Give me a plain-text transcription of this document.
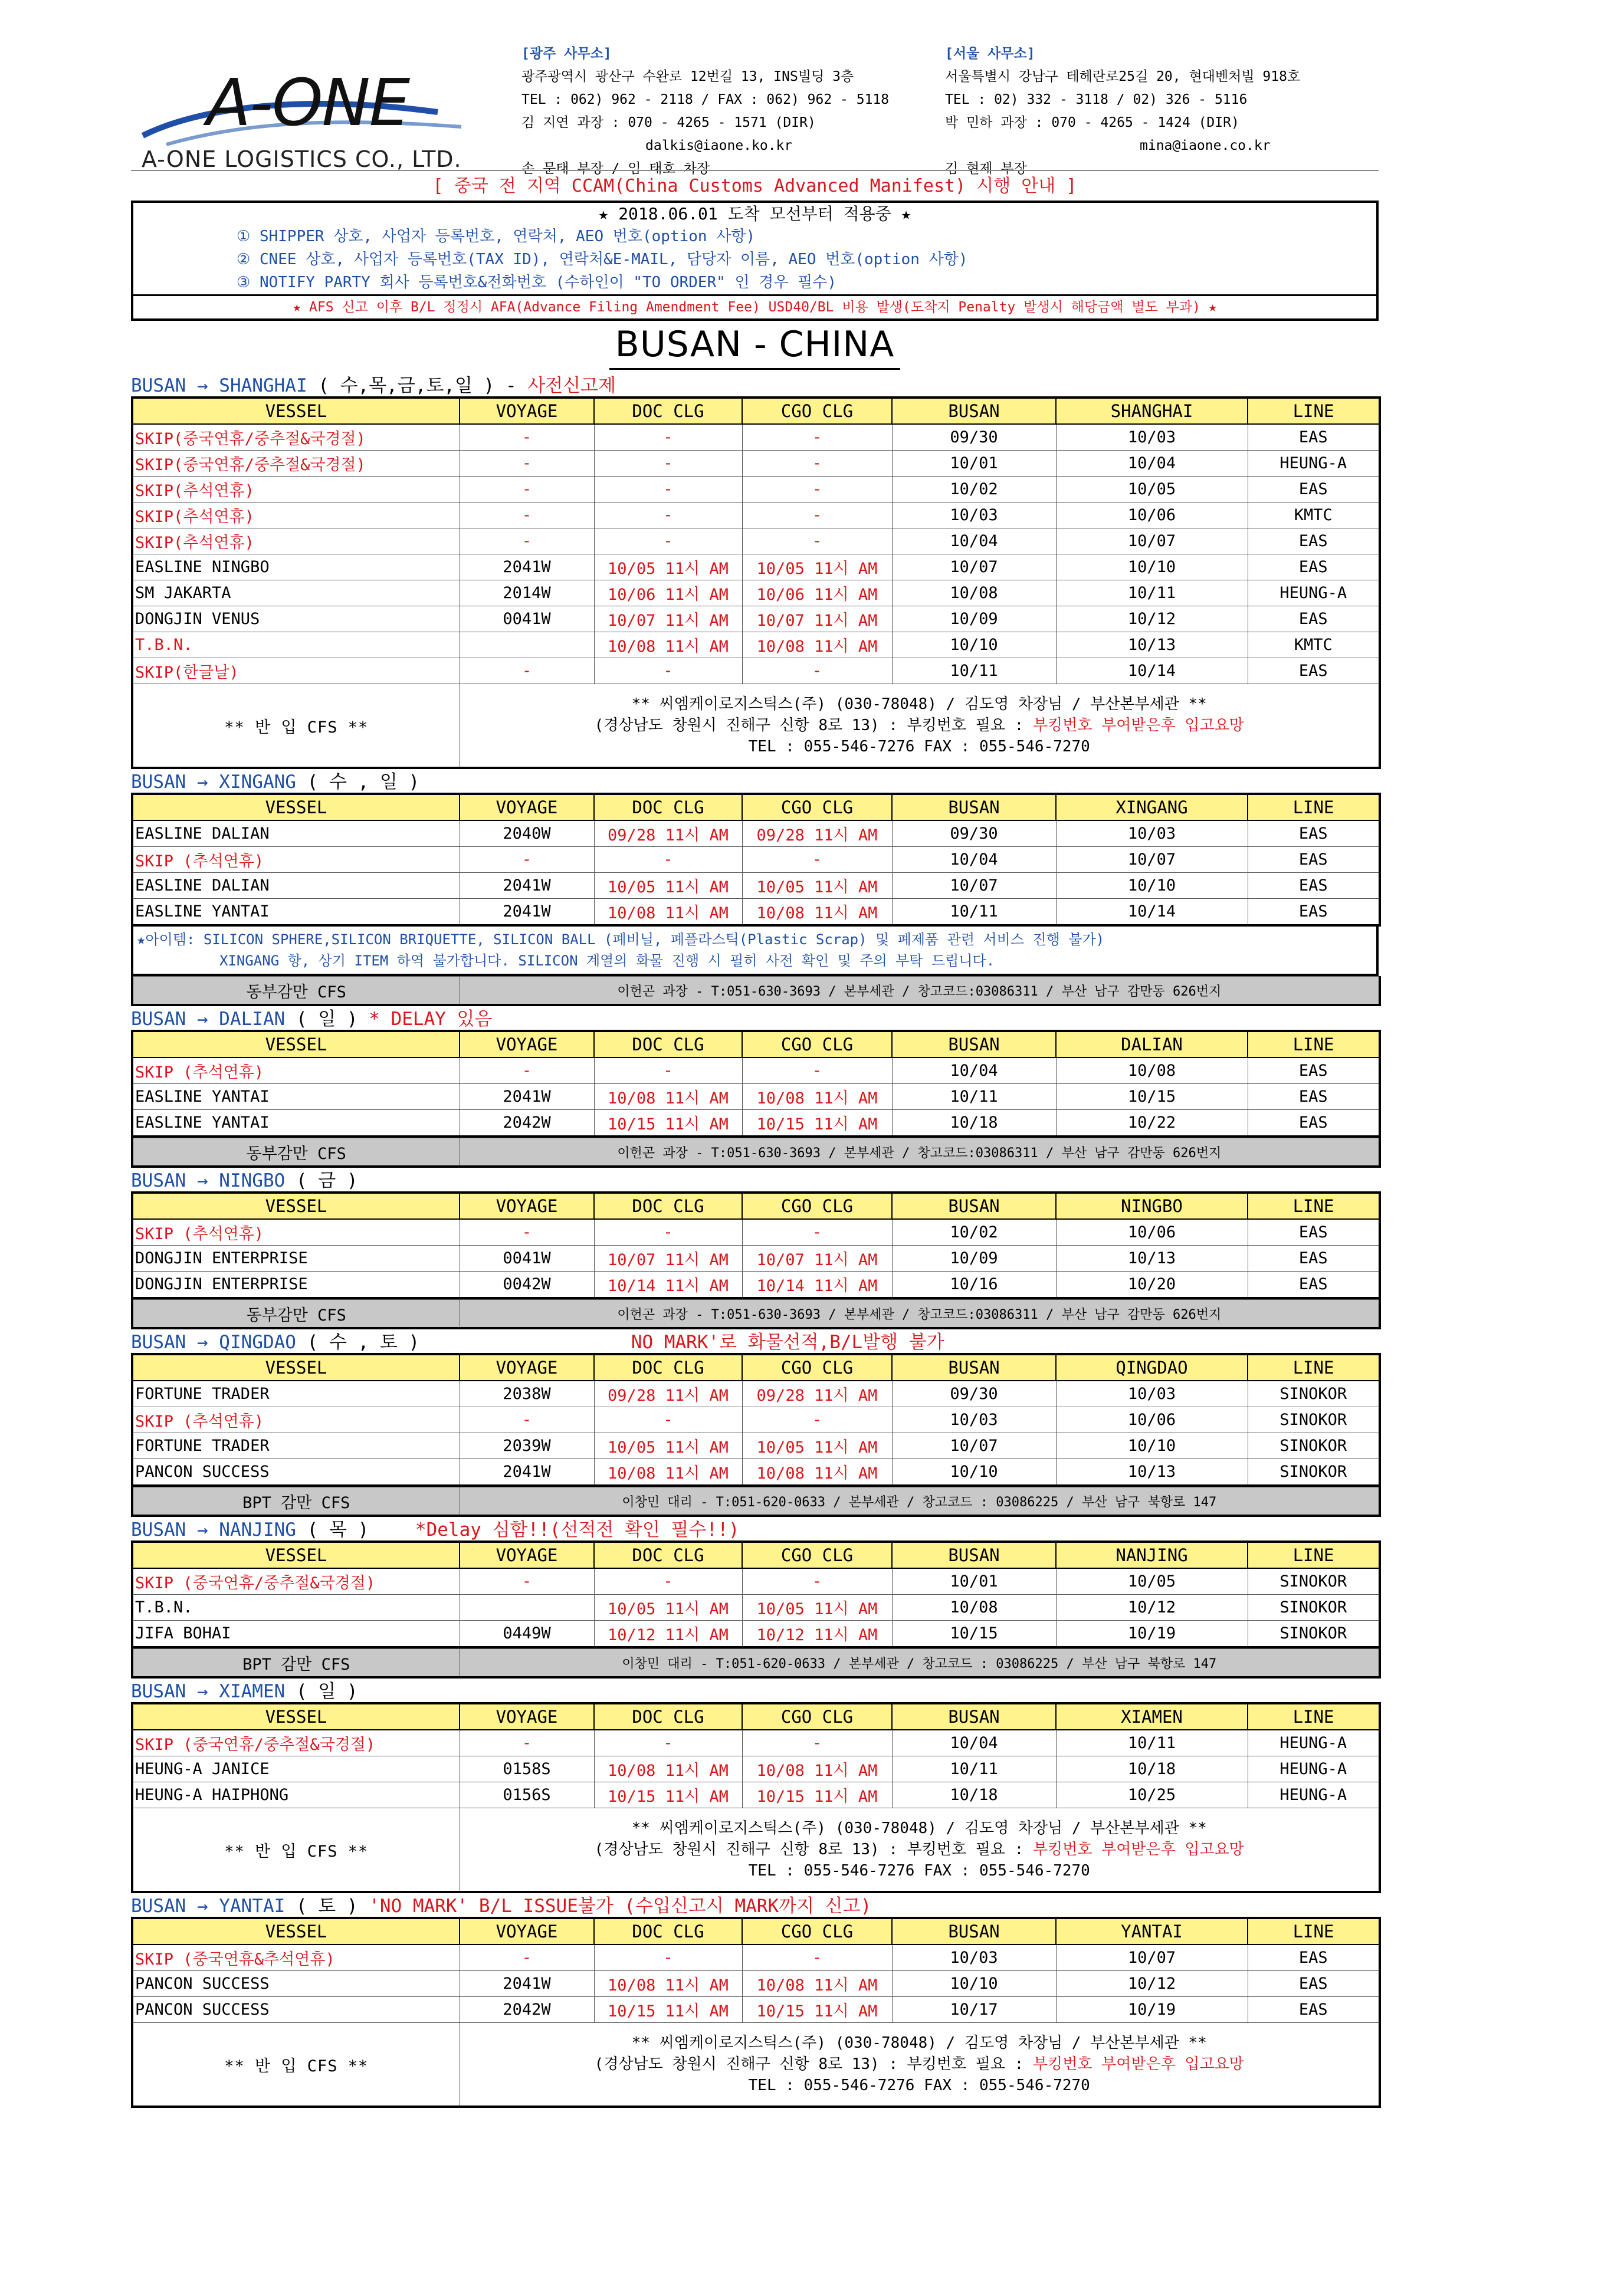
A-ONE
A-ONE LOGISTICS CO., LTD.
[광주 사무소]
광주광역시 광산구 수완로 12번길 13, INS빌딩 3층
TEL : 062) 962 - 2118 / FAX : 062) 962 - 5118
김 지연 과장 : 070 - 4265 - 1571 (DIR)
dalkis@iaone.ko.kr
손 문태 부장 / 임 태호 차장
[서울 사무소]
서울특별시 강남구 테헤란로25길 20, 현대벤처빌 918호
TEL : 02) 332 - 3118 / 02) 326 - 5116
박 민하 과장 : 070 - 4265 - 1424 (DIR)
mina@iaone.co.kr
김 현제 부장
[ 중국 전 지역 CCAM(China Customs Advanced Manifest) 시행 안내 ]
★ 2018.06.01 도착 모선부터 적용중 ★
① SHIPPER 상호, 사업자 등록번호, 연락처, AEO 번호(option 사항)
② CNEE 상호, 사업자 등록번호(TAX ID), 연락처&E-MAIL, 담당자 이름, AEO 번호(option 사항)
③ NOTIFY PARTY 회사 등록번호&전화번호 (수하인이 "TO ORDER" 인 경우 필수)
★ AFS 신고 이후 B/L 정정시 AFA(Advance Filing Amendment Fee) USD40/BL 비용 발생(도착지 Penalty 발생시 해당금액 별도 부과) ★
BUSAN - CHINA
BUSAN → SHANGHAI ( 수,목,금,토,일 ) - 사전신고제
VESSEL	VOYAGE	DOC CLG	CGO CLG	BUSAN	SHANGHAI	LINE
SKIP(중국연휴/중추절&국경절)	-	-	-	09/30	10/03	EAS
SKIP(중국연휴/중추절&국경절)	-	-	-	10/01	10/04	HEUNG-A
SKIP(추석연휴)	-	-	-	10/02	10/05	EAS
SKIP(추석연휴)	-	-	-	10/03	10/06	KMTC
SKIP(추석연휴)	-	-	-	10/04	10/07	EAS
EASLINE NINGBO	2041W	10/05 11시 AM	10/05 11시 AM	10/07	10/10	EAS
SM JAKARTA	2014W	10/06 11시 AM	10/06 11시 AM	10/08	10/11	HEUNG-A
DONGJIN VENUS	0041W	10/07 11시 AM	10/07 11시 AM	10/09	10/12	EAS
T.B.N.		10/08 11시 AM	10/08 11시 AM	10/10	10/13	KMTC
SKIP(한글날)	-	-	-	10/11	10/14	EAS
** 반 입 CFS **	** 씨엠케이로지스틱스(주) (030-78048) / 김도영 차장님 / 부산본부세관 **
(경상남도 창원시 진해구 신항 8로 13) : 부킹번호 필요 : 부킹번호 부여받은후 입고요망
TEL : 055-546-7276 FAX : 055-546-7270					
BUSAN → XINGANG ( 수 , 일 )
VESSEL	VOYAGE	DOC CLG	CGO CLG	BUSAN	XINGANG	LINE
EASLINE DALIAN	2040W	09/28 11시 AM	09/28 11시 AM	09/30	10/03	EAS
SKIP (추석연휴)	-	-	-	10/04	10/07	EAS
EASLINE DALIAN	2041W	10/05 11시 AM	10/05 11시 AM	10/07	10/10	EAS
EASLINE YANTAI	2041W	10/08 11시 AM	10/08 11시 AM	10/11	10/14	EAS
★아이템: SILICON SPHERE,SILICON BRIQUETTE, SILICON BALL (폐비닐, 폐플라스틱(Plastic Scrap) 및 폐제품 관련 서비스 진행 불가)
XINGANG 항, 상기 ITEM 하역 불가합니다. SILICON 계열의 화물 진행 시 필히 사전 확인 및 주의 부탁 드립니다.
동부감만 CFS	이헌곤 과장 - T:051-630-3693 / 본부세관 / 창고코드:03086311 / 부산 남구 감만동 626번지
BUSAN → DALIAN ( 일 ) * DELAY 있음
VESSEL	VOYAGE	DOC CLG	CGO CLG	BUSAN	DALIAN	LINE
SKIP (추석연휴)	-	-	-	10/04	10/08	EAS
EASLINE YANTAI	2041W	10/08 11시 AM	10/08 11시 AM	10/11	10/15	EAS
EASLINE YANTAI	2042W	10/15 11시 AM	10/15 11시 AM	10/18	10/22	EAS
동부감만 CFS	이헌곤 과장 - T:051-630-3693 / 본부세관 / 창고코드:03086311 / 부산 남구 감만동 626번지
BUSAN → NINGBO ( 금 )
VESSEL	VOYAGE	DOC CLG	CGO CLG	BUSAN	NINGBO	LINE
SKIP (추석연휴)	-	-	-	10/02	10/06	EAS
DONGJIN ENTERPRISE	0041W	10/07 11시 AM	10/07 11시 AM	10/09	10/13	EAS
DONGJIN ENTERPRISE	0042W	10/14 11시 AM	10/14 11시 AM	10/16	10/20	EAS
동부감만 CFS	이헌곤 과장 - T:051-630-3693 / 본부세관 / 창고코드:03086311 / 부산 남구 감만동 626번지
BUSAN → QINGDAO ( 수 , 토 )	NO MARK'로 화물선적,B/L발행 불가
VESSEL	VOYAGE	DOC CLG	CGO CLG	BUSAN	QINGDAO	LINE
FORTUNE TRADER	2038W	09/28 11시 AM	09/28 11시 AM	09/30	10/03	SINOKOR
SKIP (추석연휴)	-	-	-	10/03	10/06	SINOKOR
FORTUNE TRADER	2039W	10/05 11시 AM	10/05 11시 AM	10/07	10/10	SINOKOR
PANCON SUCCESS	2041W	10/08 11시 AM	10/08 11시 AM	10/10	10/13	SINOKOR
BPT 감만 CFS	이창민 대리 - T:051-620-0633 / 본부세관 / 창고코드 : 03086225 / 부산 남구 북항로 147
BUSAN → NANJING ( 목 )	*Delay 심함!!(선적전 확인 필수!!)
VESSEL	VOYAGE	DOC CLG	CGO CLG	BUSAN	NANJING	LINE
SKIP (중국연휴/중추절&국경절)	-	-	-	10/01	10/05	SINOKOR
T.B.N.		10/05 11시 AM	10/05 11시 AM	10/08	10/12	SINOKOR
JIFA BOHAI	0449W	10/12 11시 AM	10/12 11시 AM	10/15	10/19	SINOKOR
BPT 감만 CFS	이창민 대리 - T:051-620-0633 / 본부세관 / 창고코드 : 03086225 / 부산 남구 북항로 147
BUSAN → XIAMEN ( 일 )
VESSEL	VOYAGE	DOC CLG	CGO CLG	BUSAN	XIAMEN	LINE
SKIP (중국연휴/중추절&국경절)	-	-	-	10/04	10/11	HEUNG-A
HEUNG-A JANICE	0158S	10/08 11시 AM	10/08 11시 AM	10/11	10/18	HEUNG-A
HEUNG-A HAIPHONG	0156S	10/15 11시 AM	10/15 11시 AM	10/18	10/25	HEUNG-A
** 반 입 CFS **	** 씨엠케이로지스틱스(주) (030-78048) / 김도영 차장님 / 부산본부세관 **
(경상남도 창원시 진해구 신항 8로 13) : 부킹번호 필요 : 부킹번호 부여받은후 입고요망
TEL : 055-546-7276 FAX : 055-546-7270					
BUSAN → YANTAI ( 토 ) 'NO MARK' B/L ISSUE불가 (수입신고시 MARK까지 신고)
VESSEL	VOYAGE	DOC CLG	CGO CLG	BUSAN	YANTAI	LINE
SKIP (중국연휴&추석연휴)	-	-	-	10/03	10/07	EAS
PANCON SUCCESS	2041W	10/08 11시 AM	10/08 11시 AM	10/10	10/12	EAS
PANCON SUCCESS	2042W	10/15 11시 AM	10/15 11시 AM	10/17	10/19	EAS
** 반 입 CFS **	** 씨엠케이로지스틱스(주) (030-78048) / 김도영 차장님 / 부산본부세관 **
(경상남도 창원시 진해구 신항 8로 13) : 부킹번호 필요 : 부킹번호 부여받은후 입고요망
TEL : 055-546-7276 FAX : 055-546-7270					
